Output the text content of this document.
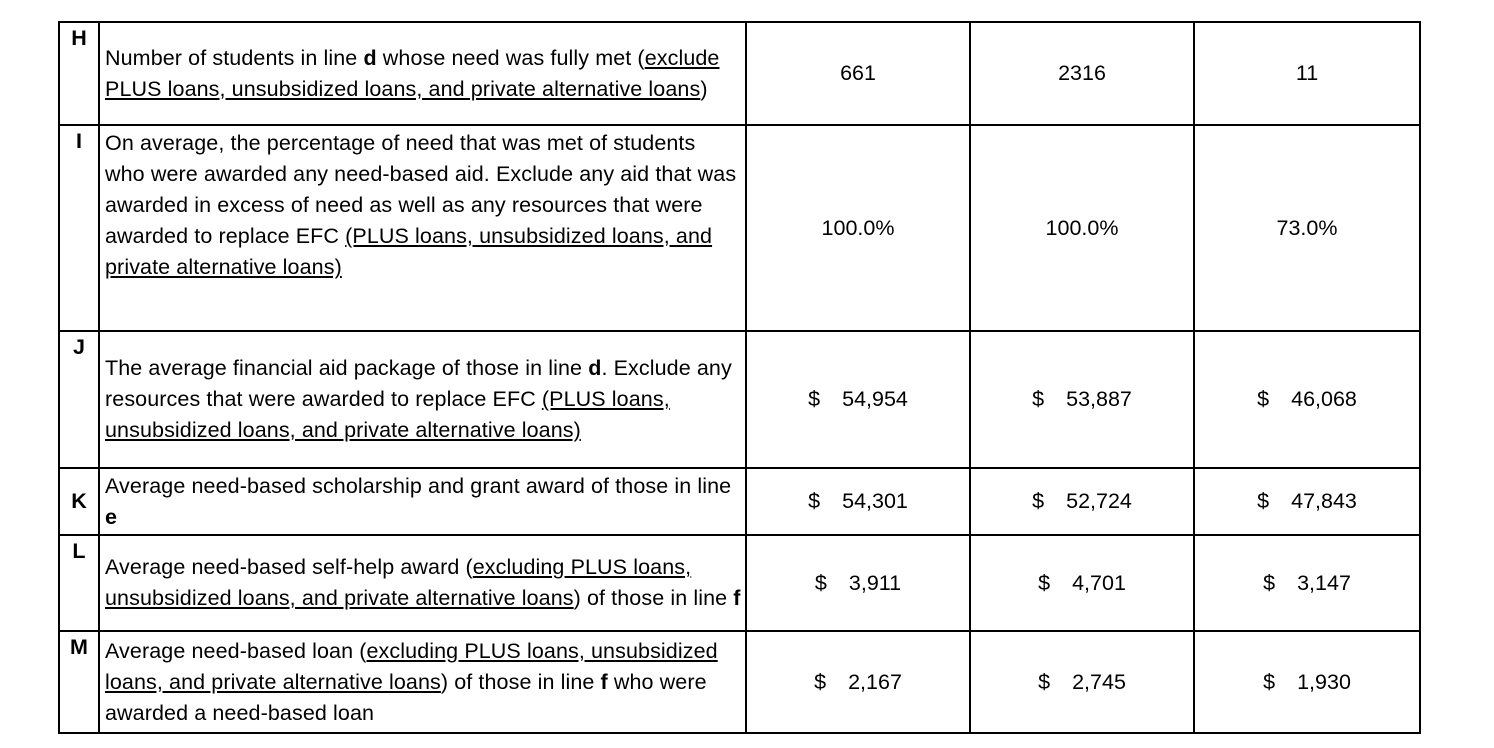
H	Number of students in line d whose need was fully met (exclude PLUS loans, unsubsidized loans, and private alternative loans)	661	2316	11

I	On average, the percentage of need that was met of students who were awarded any need-based aid. Exclude any aid that was awarded in excess of need as well as any resources that were awarded to replace EFC (PLUS loans, unsubsidized loans, and private alternative loans)	100.0%	100.0%	73.0%

J	The average financial aid package of those in line d. Exclude any resources that were awarded to replace EFC (PLUS loans, unsubsidized loans, and private alternative loans)	$ 54,954	$ 53,887	$ 46,068
K	Average need-based scholarship and grant award of those in line e	$ 54,301	$ 52,724	$ 47,843

L	Average need-based self-help award (excluding PLUS loans, unsubsidized loans, and private alternative loans) of those in line f	$ 3,911	$ 4,701	$ 3,147

M	Average need-based loan (excluding PLUS loans, unsubsidized loans, and private alternative loans) of those in line f who were awarded a need-based loan	$ 2,167	$ 2,745	$ 1,930
